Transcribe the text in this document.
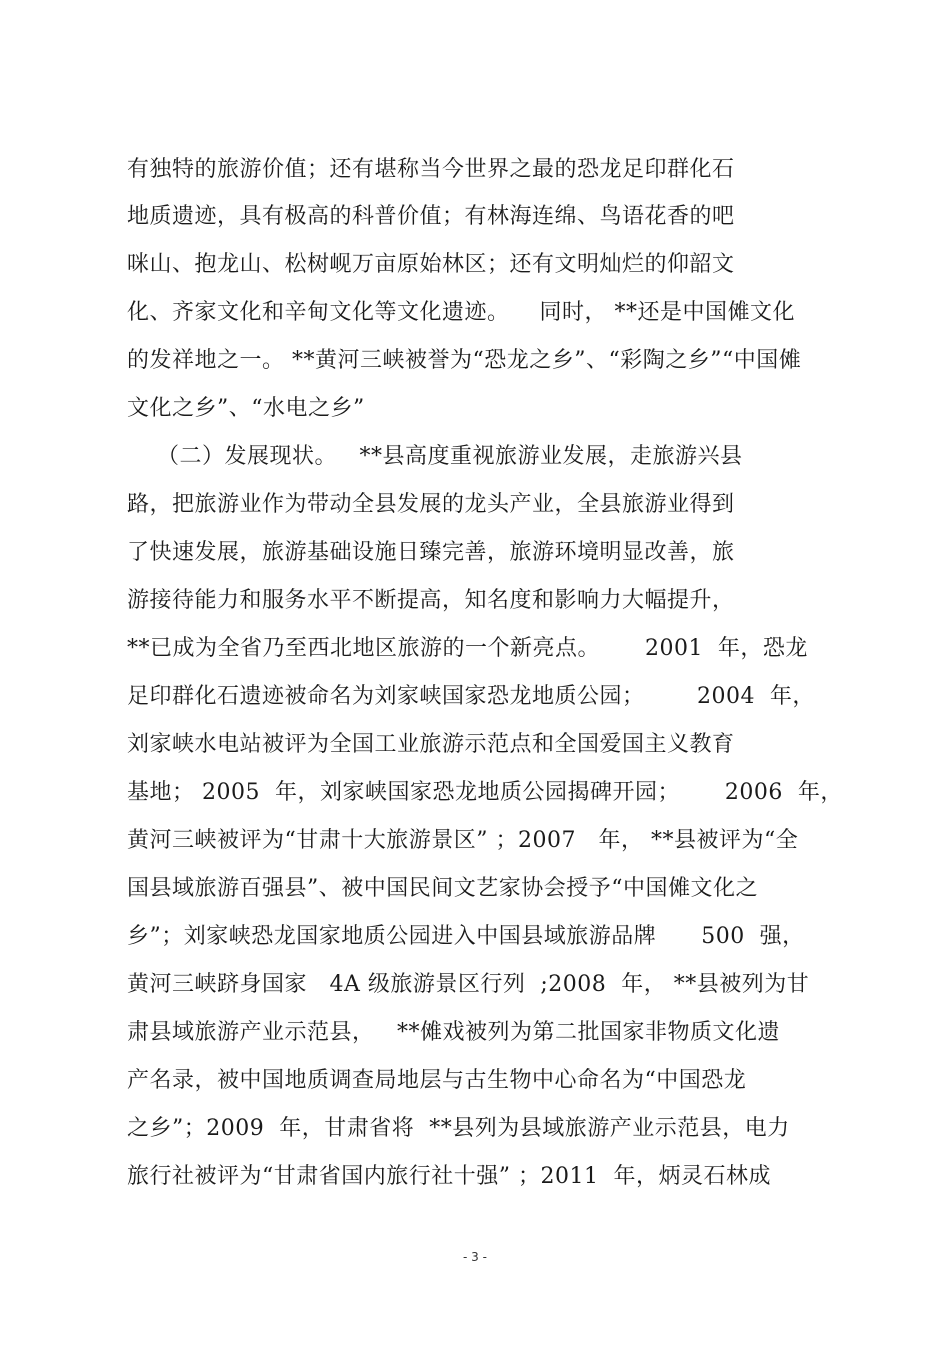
有独特的旅游价值；还有堪称当今世界之最的恐龙足印群化石
地质遗迹，具有极高的科普价值；有林海连绵、鸟语花香的吧
咪山、抱龙山、松树岘万亩原始林区；还有文明灿烂的仰韶文
化、齐家文化和辛甸文化等文化遗迹。    同时， **还是中国傩文化
的发祥地之一。 **黄河三峡被誉为“恐龙之乡”、“彩陶之乡”“中国傩
文化之乡”、“水电之乡”
（二）发展现状。   **县高度重视旅游业发展，走旅游兴县
路，把旅游业作为带动全县发展的龙头产业，全县旅游业得到
了快速发展，旅游基础设施日臻完善，旅游环境明显改善，旅
游接待能力和服务水平不断提高，知名度和影响力大幅提升，
**已成为全省乃至西北地区旅游的一个新亮点。      2001  年，恐龙
足印群化石遗迹被命名为刘家峡国家恐龙地质公园；       2004  年，
刘家峡水电站被评为全国工业旅游示范点和全国爱国主义教育
基地； 2005  年，刘家峡国家恐龙地质公园揭碑开园；      2006  年，
黄河三峡被评为“甘肃十大旅游景区” ；2007   年， **县被评为“全
国县域旅游百强县”、被中国民间文艺家协会授予“中国傩文化之
乡”；刘家峡恐龙国家地质公园进入中国县域旅游品牌      500  强，
黄河三峡跻身国家   4A 级旅游景区行列  ;2008  年， **县被列为甘
肃县域旅游产业示范县，   **傩戏被列为第二批国家非物质文化遗
产名录，被中国地质调查局地层与古生物中心命名为“中国恐龙
之乡”；2009  年，甘肃省将  **县列为县域旅游产业示范县，电力
旅行社被评为“甘肃省国内旅行社十强” ；2011  年，炳灵石林成
- 3 -
